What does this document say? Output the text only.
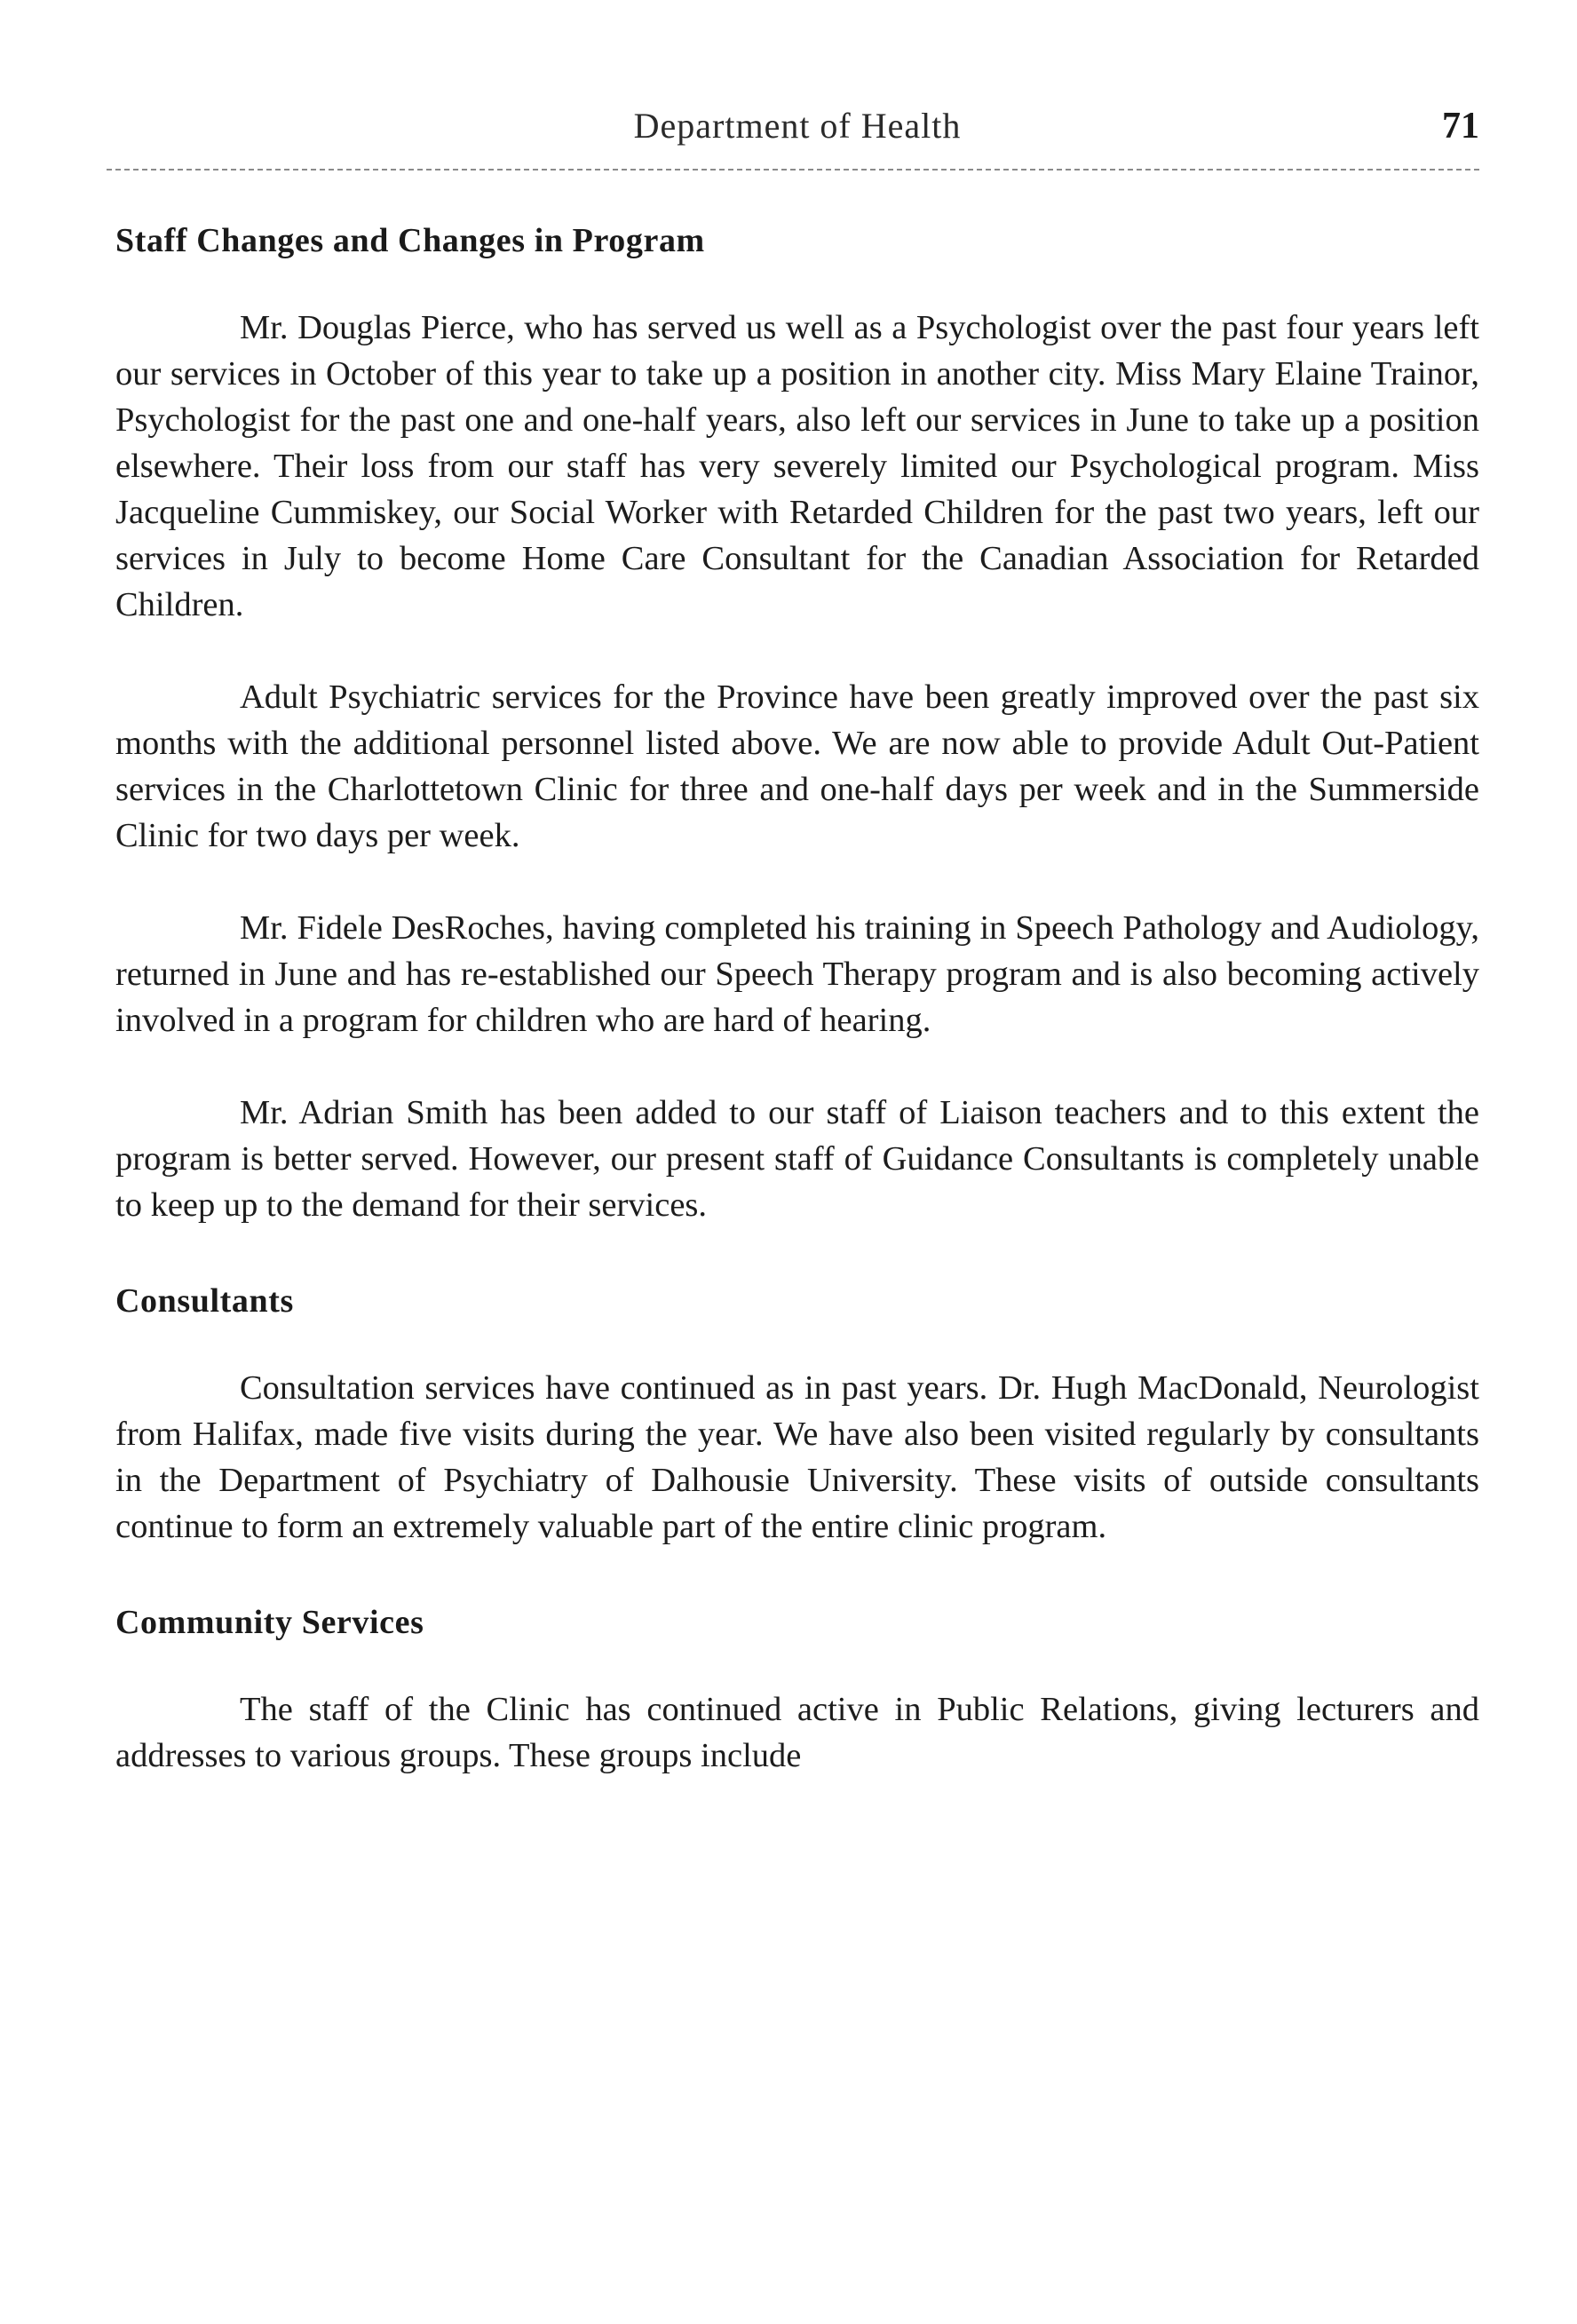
Department of Health	71
Staff Changes and Changes in Program

Mr. Douglas Pierce, who has served us well as a Psychologist over the past four years left our services in October of this year to take up a position in another city. Miss Mary Elaine Trainor, Psychologist for the past one and one-half years, also left our services in June to take up a position elsewhere. Their loss from our staff has very severely limited our Psychological program. Miss Jacqueline Cummiskey, our Social Worker with Retarded Children for the past two years, left our services in July to become Home Care Consultant for the Canadian Association for Retarded Children.

Adult Psychiatric services for the Province have been greatly improved over the past six months with the additional personnel listed above. We are now able to provide Adult Out-Patient services in the Charlottetown Clinic for three and one-half days per week and in the Summerside Clinic for two days per week.

Mr. Fidele DesRoches, having completed his training in Speech Pathology and Audiology, returned in June and has re-established our Speech Therapy program and is also becoming actively involved in a program for children who are hard of hearing.

Mr. Adrian Smith has been added to our staff of Liaison teachers and to this extent the program is better served. However, our present staff of Guidance Consultants is completely unable to keep up to the demand for their services.

Consultants

Consultation services have continued as in past years. Dr. Hugh MacDonald, Neurologist from Halifax, made five visits during the year. We have also been visited regularly by consultants in the Department of Psychiatry of Dalhousie University. These visits of outside consultants continue to form an extremely valuable part of the entire clinic program.

Community Services

The staff of the Clinic has continued active in Public Relations, giving lecturers and addresses to various groups. These groups include
